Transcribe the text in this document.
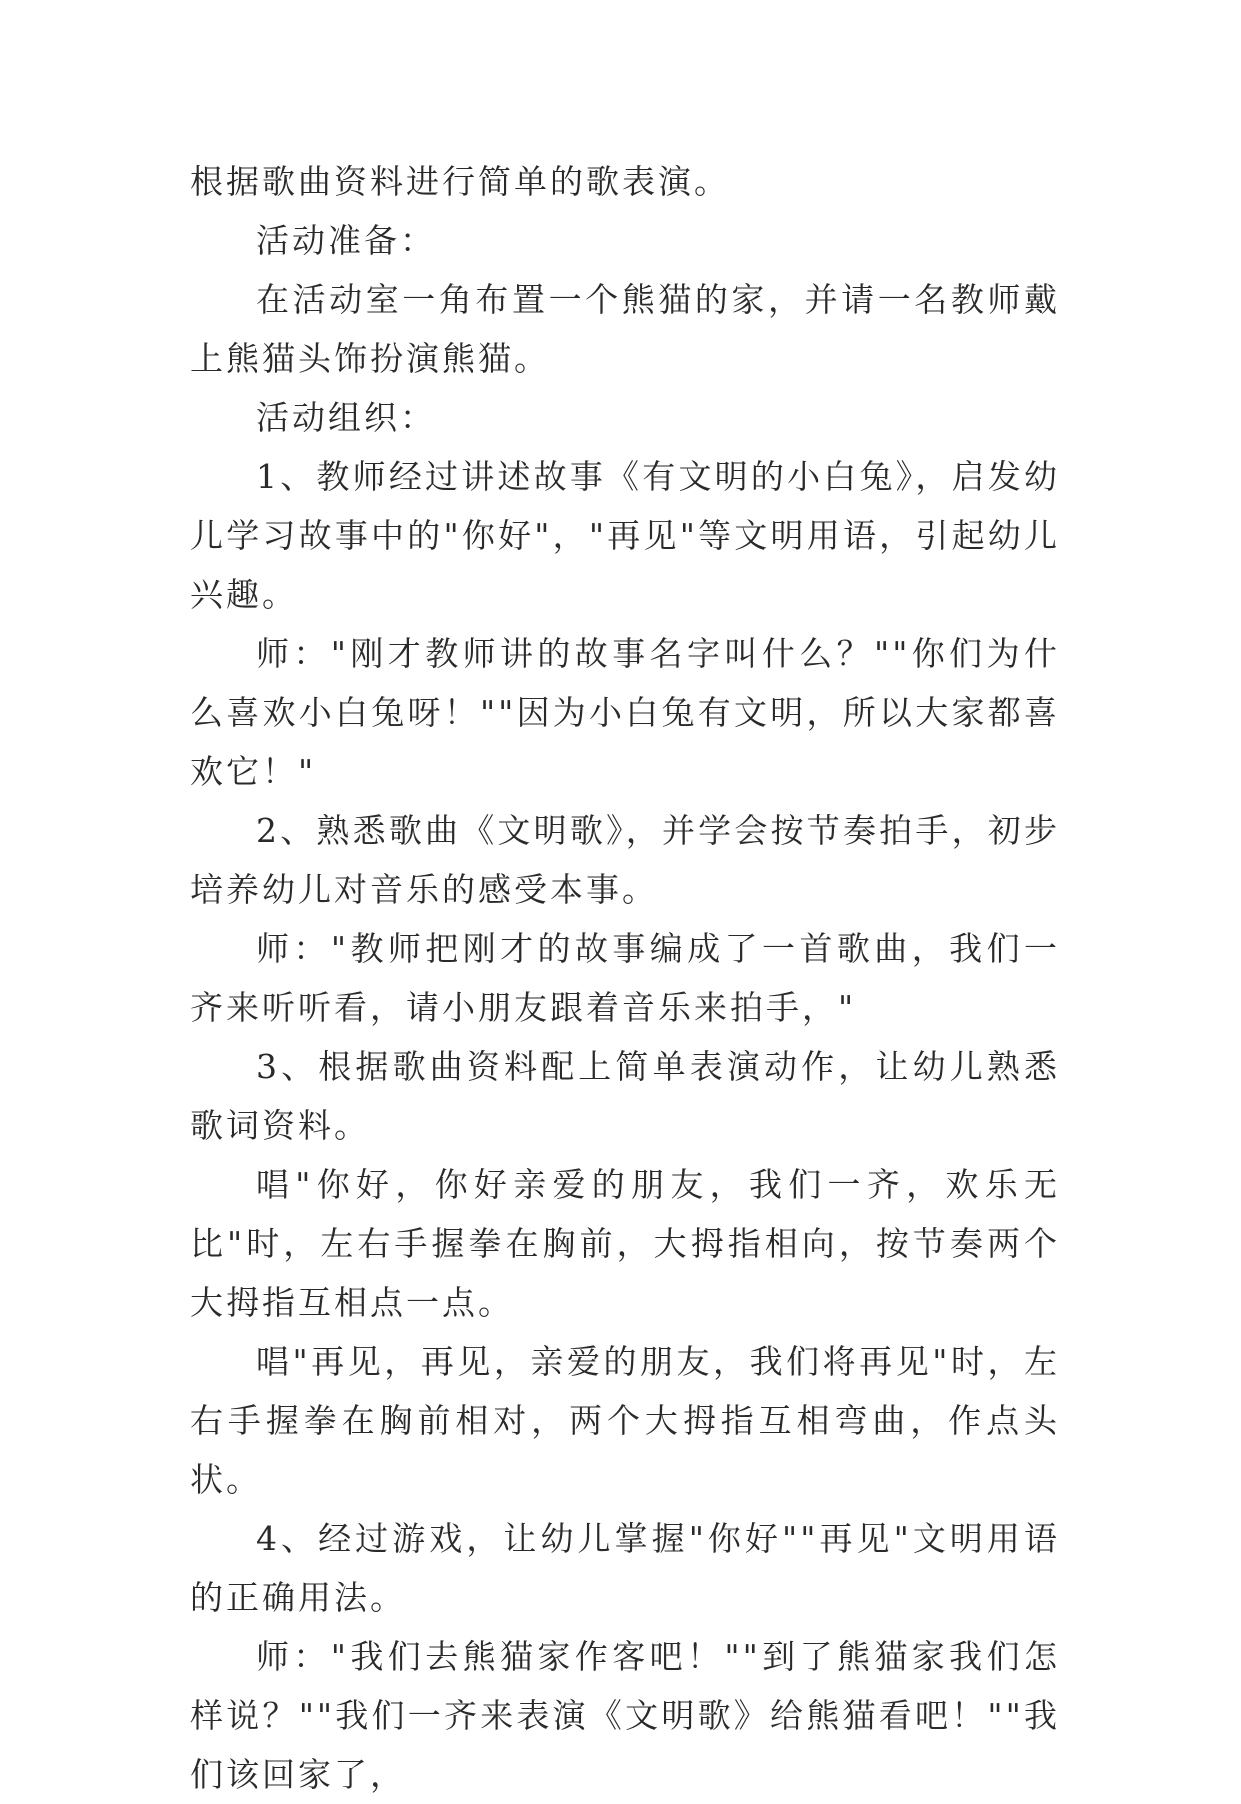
根据歌曲资料进行简单的歌表演。

活动准备：

在活动室一角布置一个熊猫的家，并请一名教师戴上熊猫头饰扮演熊猫。

活动组织：

1、教师经过讲述故事《有文明的小白兔》，启发幼儿学习故事中的"你好"，"再见"等文明用语，引起幼儿兴趣。

师："刚才教师讲的故事名字叫什么？""你们为什么喜欢小白兔呀！""因为小白兔有文明，所以大家都喜欢它！"

2、熟悉歌曲《文明歌》，并学会按节奏拍手，初步培养幼儿对音乐的感受本事。

师："教师把刚才的故事编成了一首歌曲，我们一齐来听听看，请小朋友跟着音乐来拍手，"

3、根据歌曲资料配上简单表演动作，让幼儿熟悉歌词资料。

唱"你好，你好亲爱的朋友，我们一齐，欢乐无比"时，左右手握拳在胸前，大拇指相向，按节奏两个大拇指互相点一点。

唱"再见，再见，亲爱的朋友，我们将再见"时，左右手握拳在胸前相对，两个大拇指互相弯曲，作点头状。

4、经过游戏，让幼儿掌握"你好""再见"文明用语的正确用法。

师："我们去熊猫家作客吧！""到了熊猫家我们怎样说？""我们一齐来表演《文明歌》给熊猫看吧！""我们该回家了，
